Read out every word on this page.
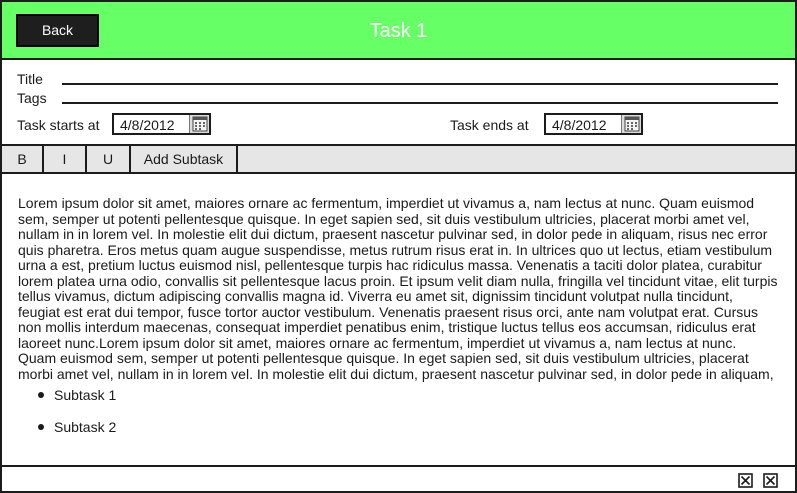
Task 1
Back
Title
Tags
Task starts at 4/8/2012	Task ends at 4/8/2012
B	I	U	Add Subtask
Lorem ipsum dolor sit amet, maiores ornare ac fermentum, imperdiet ut vivamus a, nam lectus at nunc. Quam euismod sem, semper ut potenti pellentesque quisque. In eget sapien sed, sit duis vestibulum ultricies, placerat morbi amet vel, nullam in in lorem vel. In molestie elit dui dictum, praesent nascetur pulvinar sed, in dolor pede in aliquam, risus nec error quis pharetra. Eros metus quam augue suspendisse, metus rutrum risus erat in. In ultrices quo ut lectus, etiam vestibulum urna a est, pretium luctus euismod nisl, pellentesque turpis hac ridiculus massa. Venenatis a taciti dolor platea, curabitur lorem platea urna odio, convallis sit pellentesque lacus proin. Et ipsum velit diam nulla, fringilla vel tincidunt vitae, elit turpis tellus vivamus, dictum adipiscing convallis magna id. Viverra eu amet sit, dignissim tincidunt volutpat nulla tincidunt, feugiat est erat dui tempor, fusce tortor auctor vestibulum. Venenatis praesent risus orci, ante nam volutpat erat. Cursus non mollis interdum maecenas, consequat imperdiet penatibus enim, tristique luctus tellus eos accumsan, ridiculus erat laoreet nunc.Lorem ipsum dolor sit amet, maiores ornare ac fermentum, imperdiet ut vivamus a, nam lectus at nunc. Quam euismod sem, semper ut potenti pellentesque quisque. In eget sapien sed, sit duis vestibulum ultricies, placerat morbi amet vel, nullam in in lorem vel. In molestie elit dui dictum, praesent nascetur pulvinar sed, in dolor pede in aliquam,
Subtask 1
Subtask 2
